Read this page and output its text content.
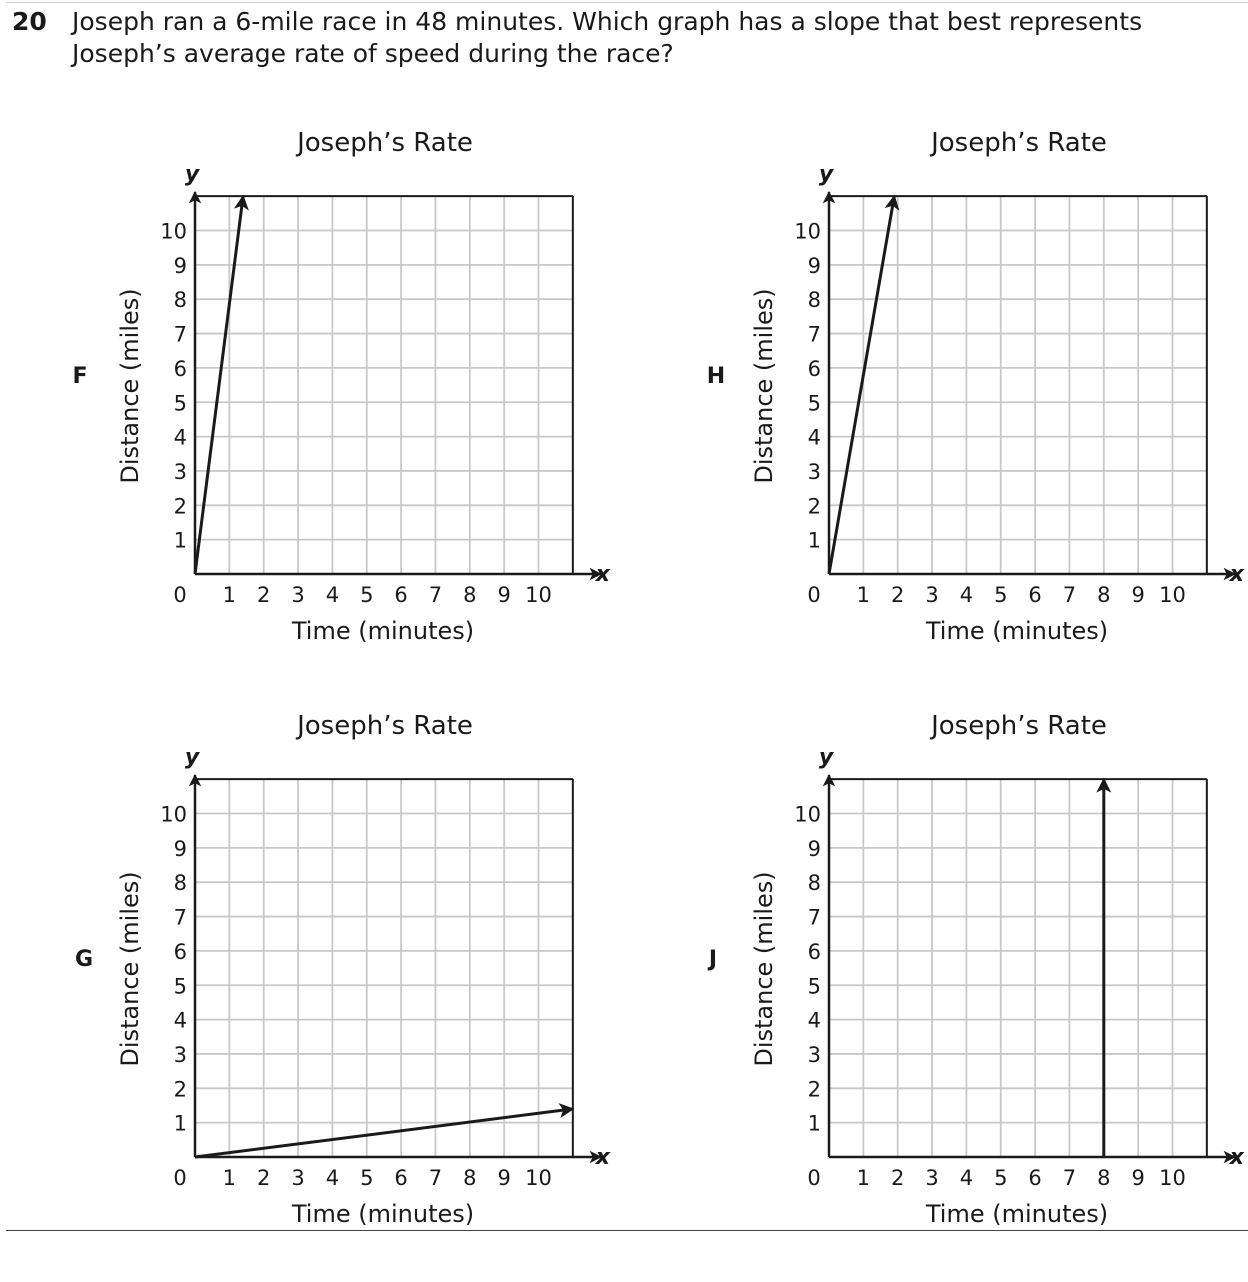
20 Joseph ran a 6-mile race in 48 minutes. Which graph has a slope that best represents
Joseph’s average rate of speed during the race?
F
Joseph’s Rate
x
y
0 1 2 3 4 5 6 7 8 9 10
1
2
3
4
5
6
7
8
9
10
Time (minutes)
Distance (miles)	H
Joseph’s Rate
x
y
0 1 2 3 4 5 6 7 8 9 10
1
2
3
4
5
6
7
8
9
10
Time (minutes)
Distance (miles)
G
Joseph’s Rate
x
y
0 1 2 3 4 5 6 7 8 9 10
1
2
3
4
5
6
7
8
9
10
Time (minutes)
Distance (miles)	J
Joseph’s Rate
x
y
0 1 2 3 4 5 6 7 8 9 10
1
2
3
4
5
6
7
8
9
10
Time (minutes)
Distance (miles)
